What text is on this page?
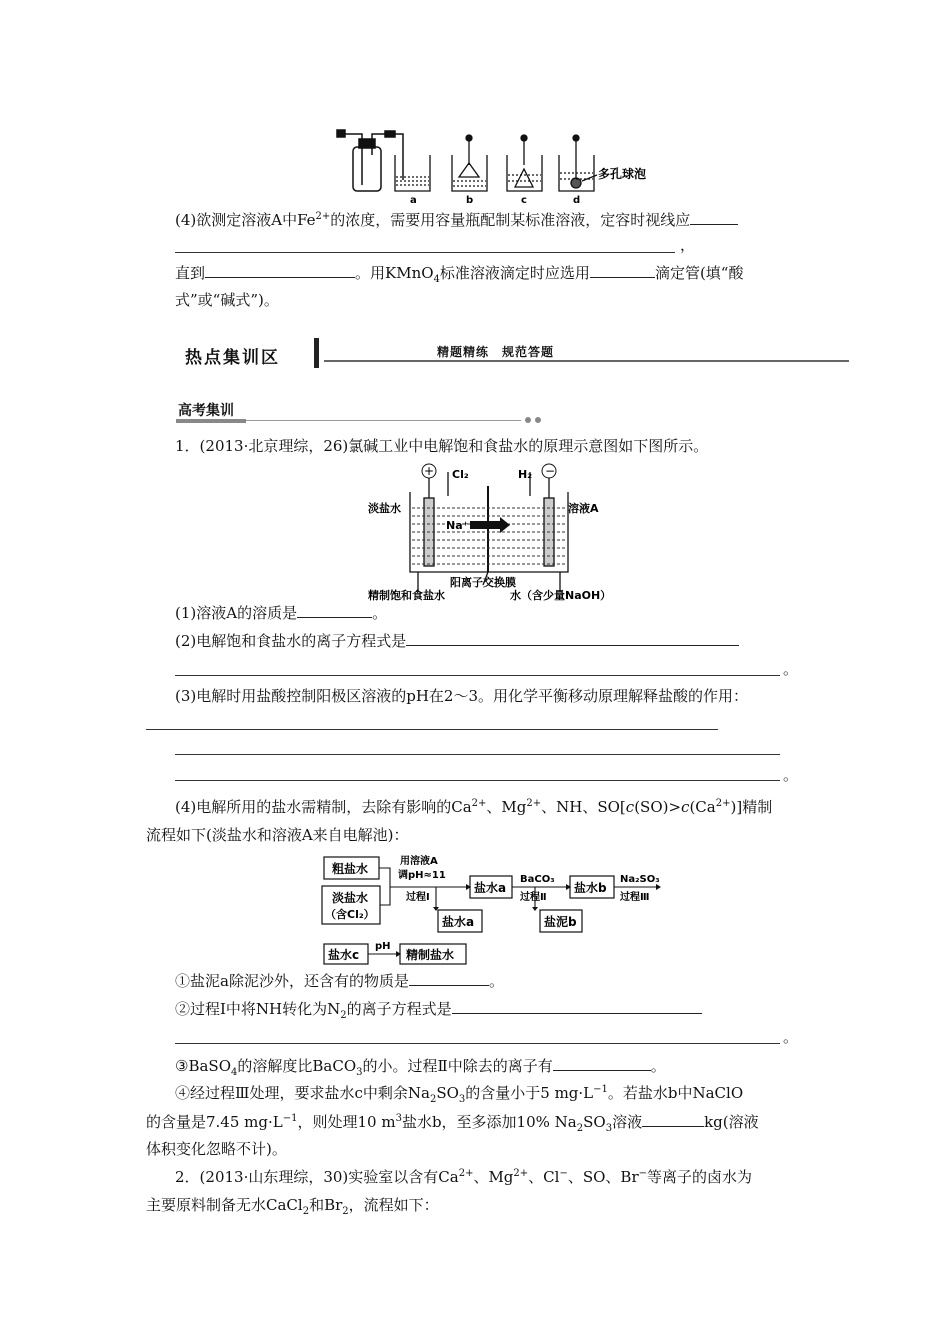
a	b	c	d
多孔球泡
(4)欲测定溶液A中$Fe^{2+}$的浓度，需要用容量瓶配制某标准溶液，定容时视线应
，
直到	。用KMnO$_4$标准溶液滴定时应选用	滴定管(填“酸
式”或“碱式”)。
热点集训区	精题精练　规范答题
高考集训
1．(2013·北京理综，26)氯碱工业中电解饱和食盐水的原理示意图如下图所示。
+	−
Cl₂	H₂
淡盐水	溶液A
Na⁺
阳离子交换膜
精制饱和食盐水	水（含少量NaOH）
(1)溶液A的溶质是	。
(2)电解饱和食盐水的离子方程式是
。
(3)电解时用盐酸控制阳极区溶液的pH在2～3。用化学平衡移动原理解释盐酸的作用：
。
(4)电解所用的盐水需精制，去除有影响的$Ca^{2+}$、$Mg^{2+}$、NH、$SO[c(SO)>c(Ca^{2+})]$精制
流程如下(淡盐水和溶液A来自电解池)：
粗盐水
淡盐水
（含Cl₂）
用溶液A
调pH≈11
过程Ⅰ
盐水a
盐水a
BaCO₃
过程Ⅱ
盐水b
盐泥b
Na₂SO₃
过程Ⅲ
盐水c
pH
精制盐水
①盐泥a除泥沙外，还含有的物质是	。
②过程Ⅰ中将NH转化为$N_2$的离子方程式是
。
③BaSO$_4$的溶解度比BaCO$_3$的小。过程Ⅱ中除去的离子有	。
④经过程Ⅲ处理，要求盐水c中剩余$Na_2SO_3$的含量小于5 $mg\cdot L^{-1}$。若盐水b中NaClO
的含量是7.45 $mg\cdot L^{-1}$，则处理10 $m^3$盐水b，至多添加10% $Na_2SO_3$溶液	kg(溶液
体积变化忽略不计)。
2．(2013·山东理综，30)实验室以含有$Ca^{2+}$、$Mg^{2+}$、Cl−、SO、Br−等离子的卤水为
主要原料制备无水CaCl$_2$和$Br_2$，流程如下：
